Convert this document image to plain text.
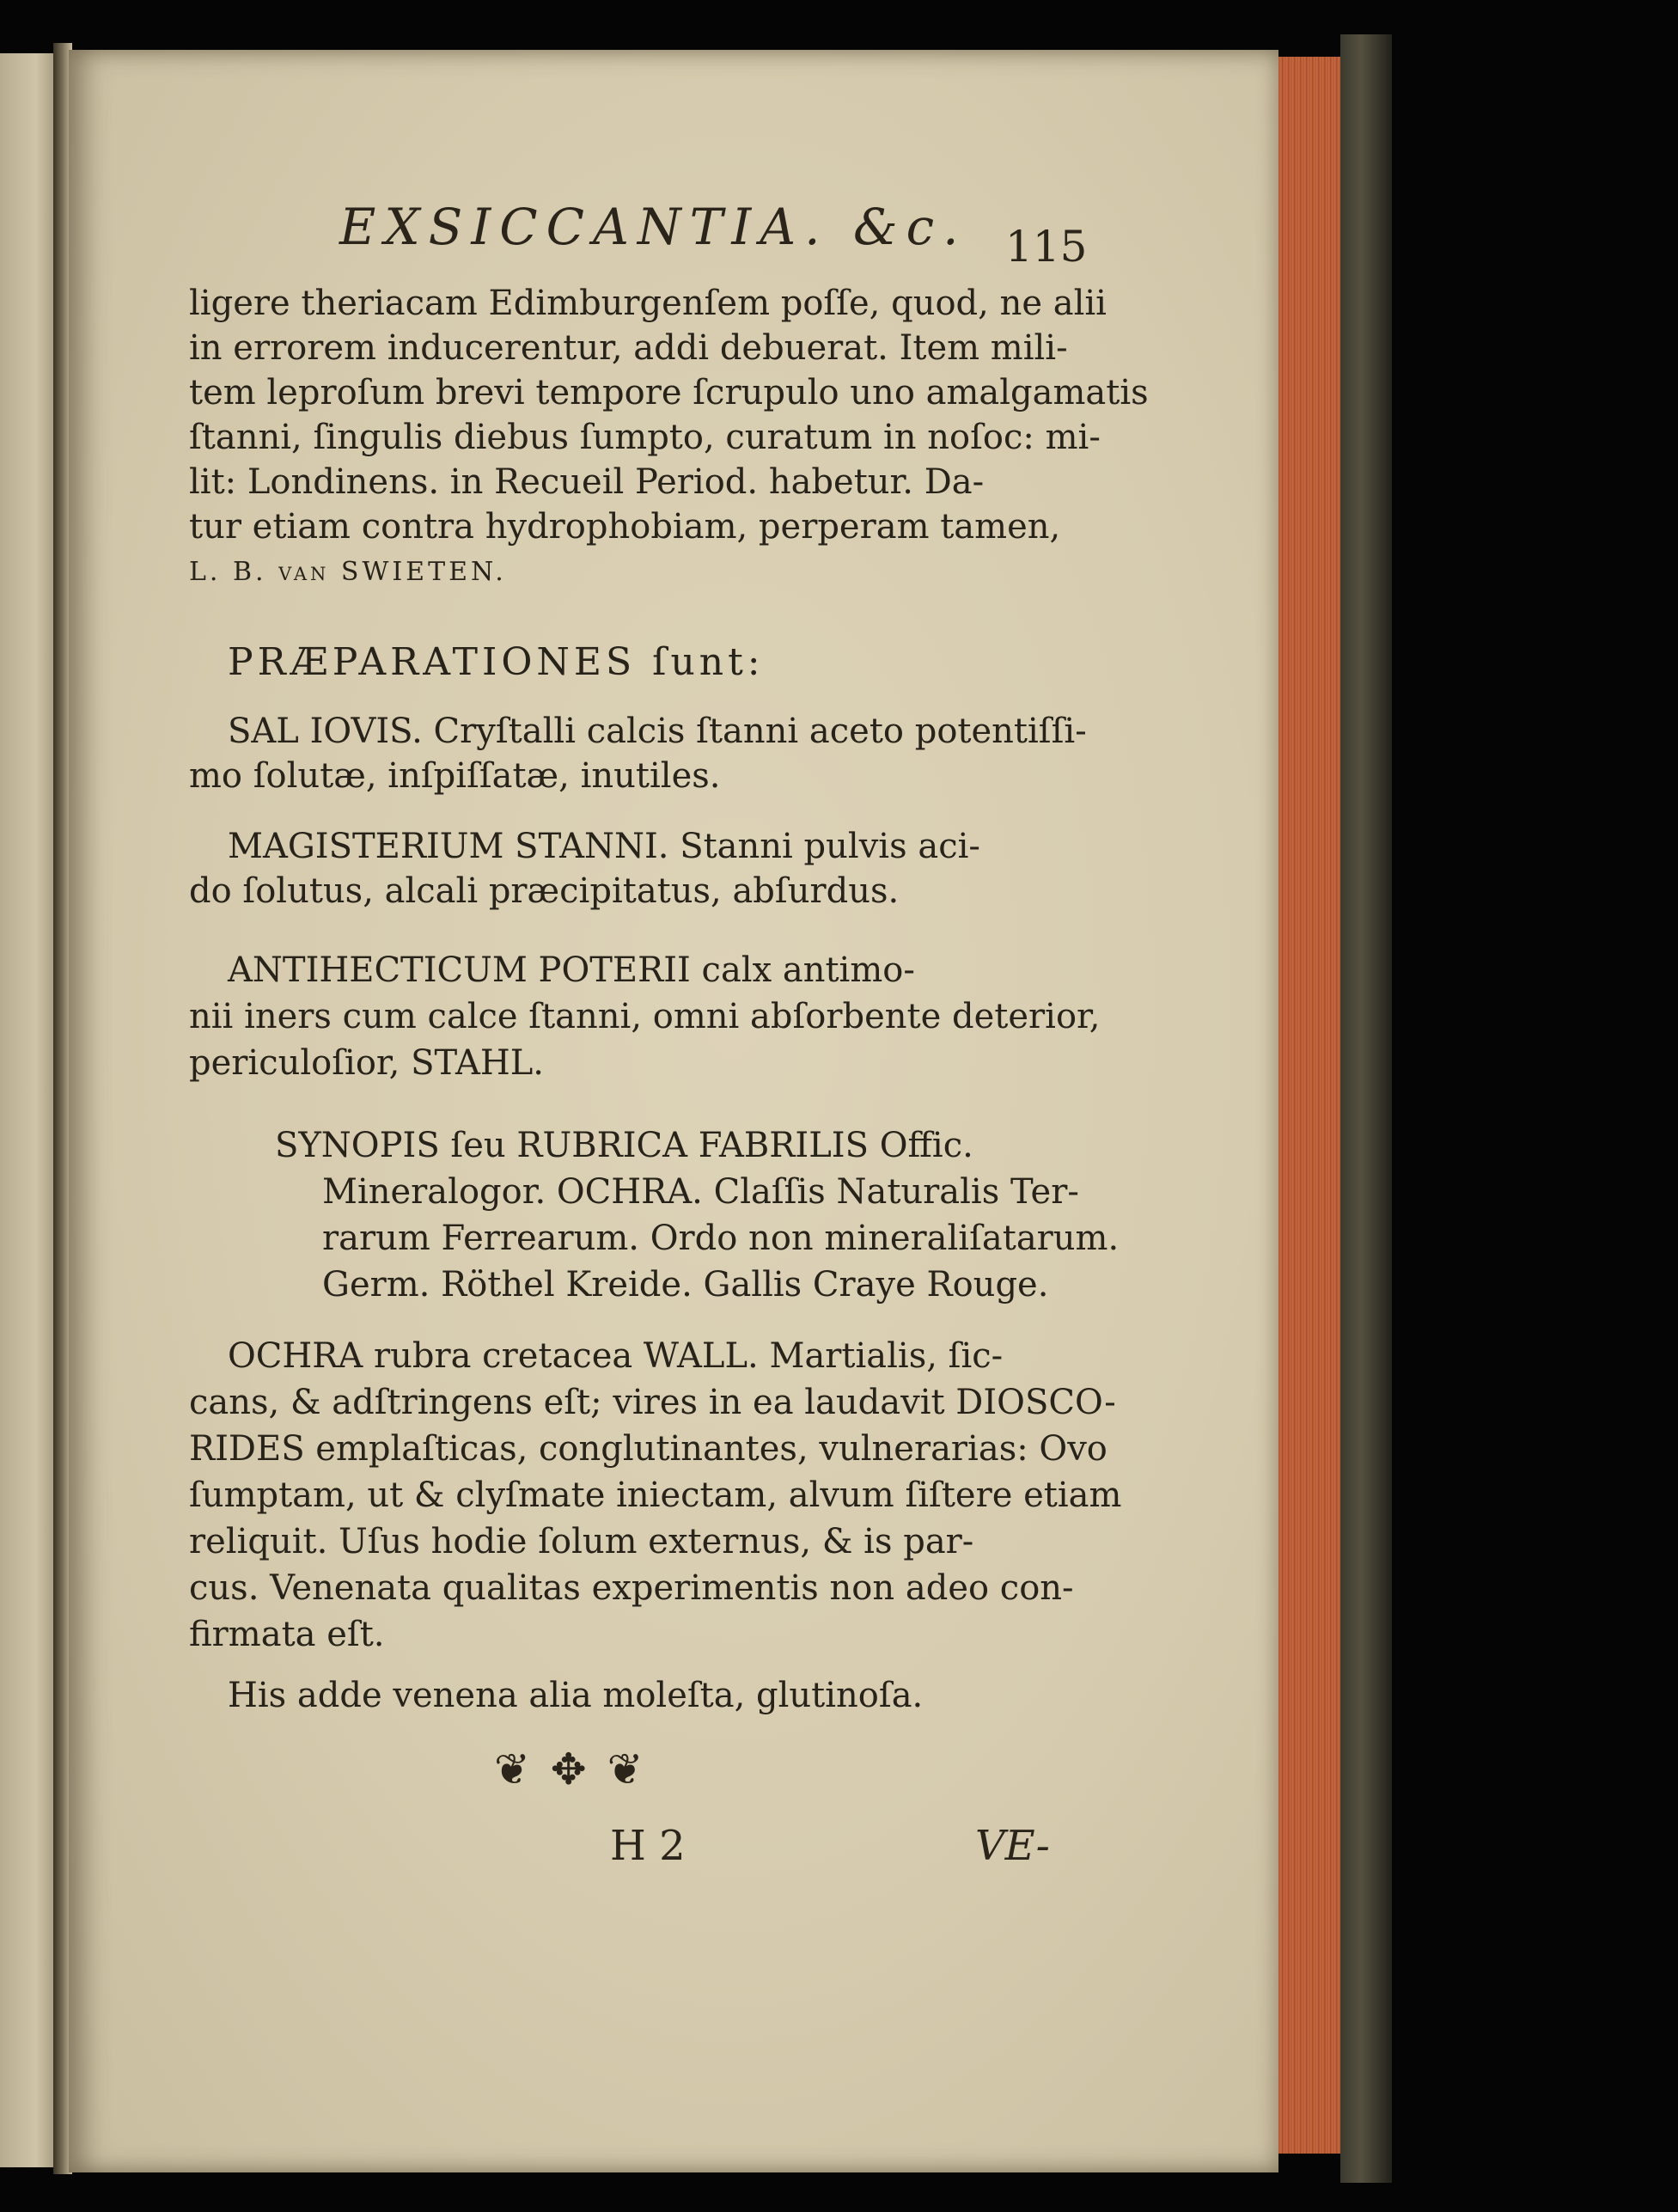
EXSICCANTIA. &c. 115
ligere theriacam Edimburgenſem poſſe, quod, ne alii
in errorem inducerentur, addi debuerat. Item mili-
tem leproſum brevi tempore ſcrupulo uno amalgamatis
ſtanni, ſingulis diebus ſumpto, curatum in noſoc: mi-
lit: Londinens. in Recueil Period. habetur. Da-
tur etiam contra hydrophobiam, perperam tamen,
L. B. van SWIETEN.
PRÆPARATIONES ſunt:
SAL IOVIS. Cryſtalli calcis ſtanni aceto potentiſſi-
mo ſolutæ, inſpiſſatæ, inutiles.
MAGISTERIUM STANNI. Stanni pulvis aci-
do ſolutus, alcali præcipitatus, abſurdus.
ANTIHECTICUM POTERII calx antimo-
nii iners cum calce ſtanni, omni abſorbente deterior,
periculoſior, STAHL.
SYNOPIS ſeu RUBRICA FABRILIS Offic.
Mineralogor. OCHRA. Claſſis Naturalis Ter-
rarum Ferrearum. Ordo non mineraliſatarum.
Germ. Röthel Kreide. Gallis Craye Rouge.
OCHRA rubra cretacea WALL. Martialis, ſic-
cans, & adſtringens eſt; vires in ea laudavit DIOSCO-
RIDES emplaſticas, conglutinantes, vulnerarias: Ovo
ſumptam, ut & clyſmate iniectam, alvum ſiſtere etiam
reliquit. Uſus hodie ſolum externus, & is par-
cus. Venenata qualitas experimentis non adeo con-
firmata eſt.
His adde venena alia moleſta, glutinoſa.
❦ ✥ ❦
H 2	VE-
